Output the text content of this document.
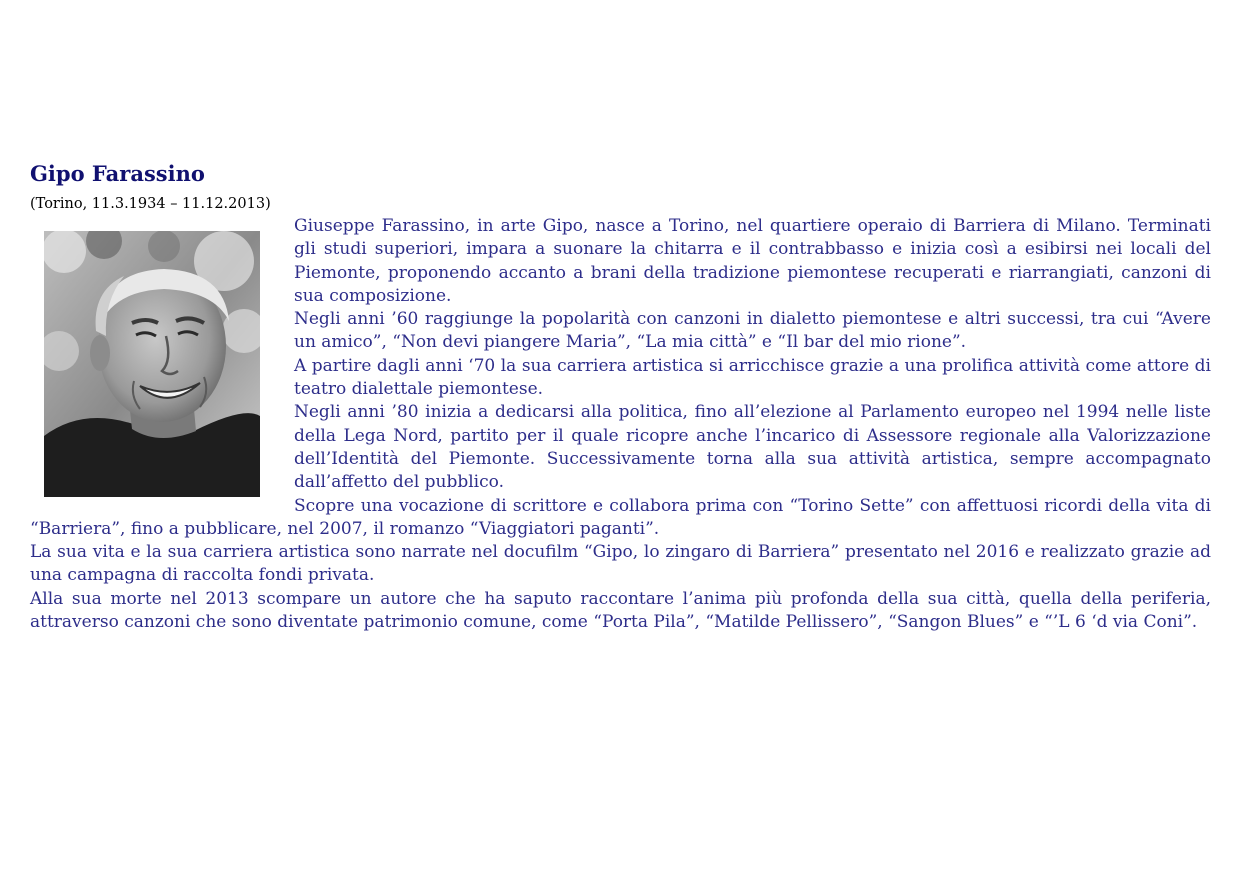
Gipo Farassino
(Torino, 11.3.1934 – 11.12.2013)

Giuseppe Farassino, in arte Gipo, nasce a Torino, nel quartiere operaio di Barriera di Milano. Terminati gli studi superiori, impara a suonare la chitarra e il contrabbasso e inizia così a esibirsi nei locali del Piemonte, proponendo accanto a brani della tradizione piemontese recuperati e riarrangiati, canzoni di sua composizione.

Negli anni ’60 raggiunge la popolarità con canzoni in dialetto piemontese e altri successi, tra cui “Avere un amico”, “Non devi piangere Maria”, “La mia città” e “Il bar del mio rione”.

A partire dagli anni ‘70 la sua carriera artistica si arricchisce grazie a una prolifica attività come attore di teatro dialettale piemontese.

Negli anni ’80 inizia a dedicarsi alla politica, fino all’elezione al Parlamento europeo nel 1994 nelle liste della Lega Nord, partito per il quale ricopre anche l’incarico di Assessore regionale alla Valorizzazione dell’Identità del Piemonte. Successivamente torna alla sua attività artistica, sempre accompagnato dall’affetto del pubblico.

Scopre una vocazione di scrittore e collabora prima con “Torino Sette” con affettuosi ricordi della vita di “Barriera”, fino a pubblicare, nel 2007, il romanzo “Viaggiatori paganti”.

La sua vita e la sua carriera artistica sono narrate nel docufilm “Gipo, lo zingaro di Barriera” presentato nel 2016 e realizzato grazie ad una campagna di raccolta fondi privata.

Alla sua morte nel 2013 scompare un autore che ha saputo raccontare l’anima più profonda della sua città, quella della periferia, attraverso canzoni che sono diventate patrimonio comune, come “Porta Pila”, “Matilde Pellissero”, “Sangon Blues” e “’L 6 ‘d via Coni”.
